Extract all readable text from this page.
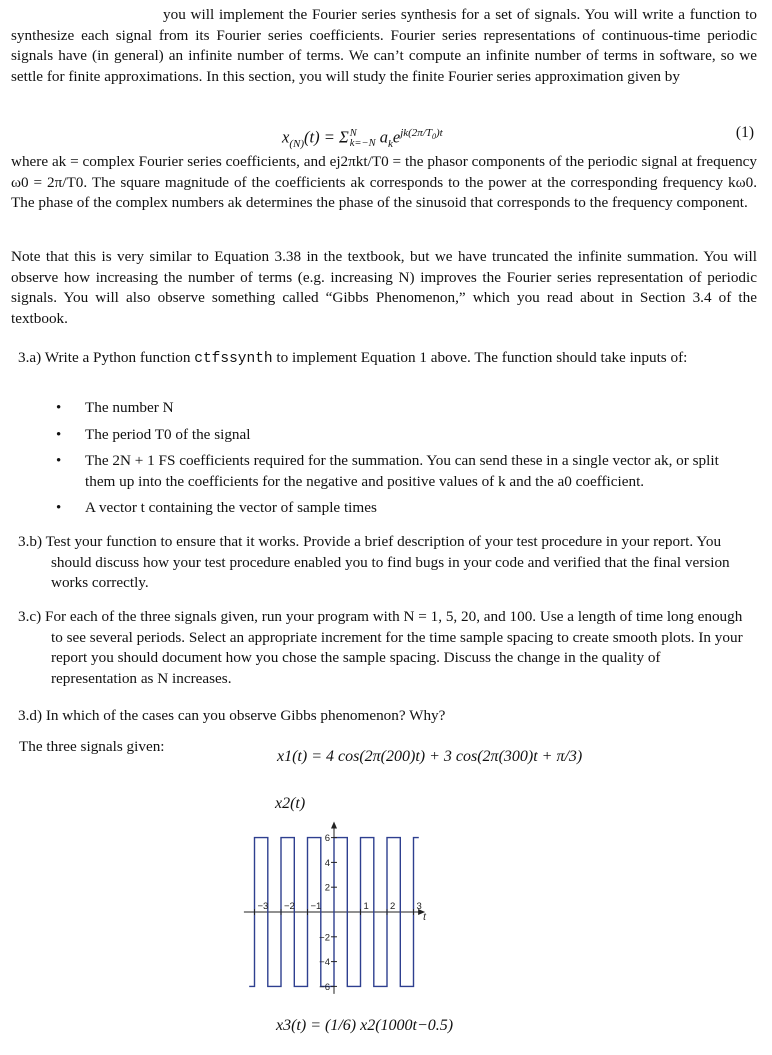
you will implement the Fourier series synthesis for a set of signals. You will write a function to synthesize each signal from its Fourier series coefficients. Fourier series representations of continuous-time periodic signals have (in general) an infinite number of terms. We can’t compute an infinite number of terms in software, so we settle for finite approximations. In this section, you will study the finite Fourier series approximation given by

$x_{(N)}(t) = \Sigma$ N
k=−N $a_ke^{jk(2\pi/T_0)t}$	(1)

where ak = complex Fourier series coefficients, and ej2πkt/T0 = the phasor components of the periodic signal at frequency ω0 = 2π/T0. The square magnitude of the coefficients ak corresponds to the power at the corresponding frequency kω0. The phase of the complex numbers ak determines the phase of the sinusoid that corresponds to the frequency component.

Note that this is very similar to Equation 3.38 in the textbook, but we have truncated the infinite summation. You will observe how increasing the number of terms (e.g. increasing N) improves the Fourier series representation of periodic signals. You will also observe something called “Gibbs Phenomenon,” which you read about in Section 3.4 of the textbook.

3.a) Write a Python function ctfssynth to implement Equation 1 above. The function should take inputs of:

• The number N
• The period T0 of the signal
• The 2N + 1 FS coefficients required for the summation. You can send these in a single vector ak, or split them up into the coefficients for the negative and positive values of k and the a0 coefficient.
• A vector t containing the vector of sample times

3.b) Test your function to ensure that it works. Provide a brief description of your test procedure in your report. You should discuss how your test procedure enabled you to find bugs in your code and verified that the final version works correctly.

3.c) For each of the three signals given, run your program with N = 1, 5, 20, and 100. Use a length of time long enough to see several periods. Select an appropriate increment for the time sample spacing to create smooth plots. In your report you should document how you chose the sample spacing. Discuss the change in the quality of representation as N increases.

3.d) In which of the cases can you observe Gibbs phenomenon? Why?

The three signals given:
x1(t) = 4 cos(2π(200)t) + 3 cos(2π(300)t + π/3)
x2(t)
−3 −2 −1	1 2 3
t
6
4
2
−2
−4
−6
x3(t) = (1/6) x2(1000t−0.5)
